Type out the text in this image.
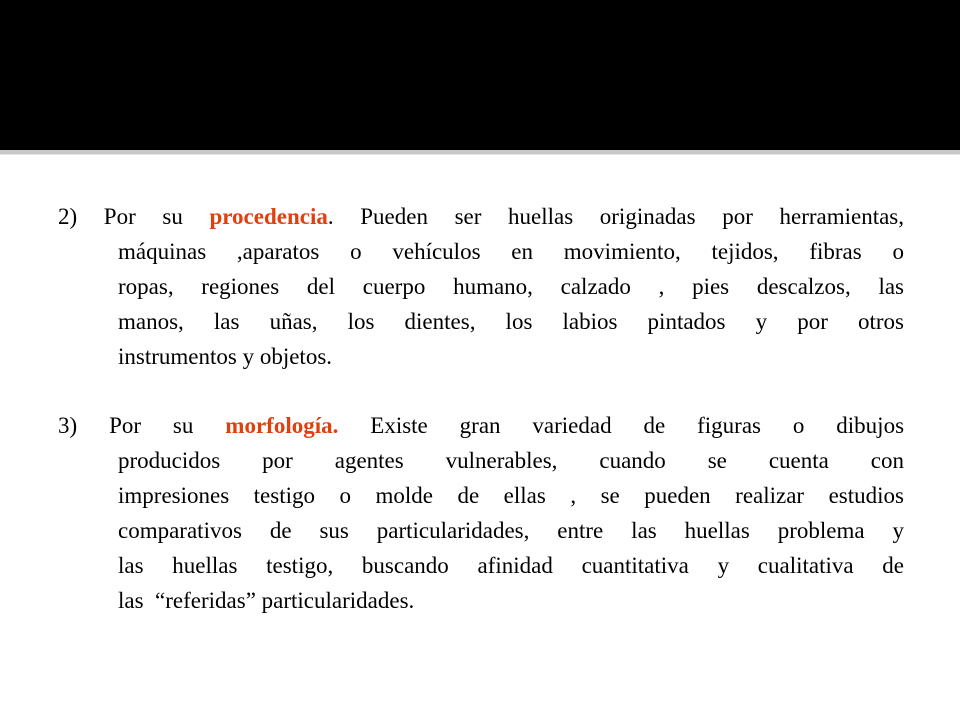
2) Por su procedencia. Pueden ser huellas originadas por herramientas,
máquinas ,aparatos o vehículos en movimiento, tejidos, fibras o
ropas, regiones del cuerpo humano, calzado , pies descalzos, las
manos, las uñas, los dientes, los labios pintados y por otros
instrumentos y objetos.
3) Por su morfología. Existe gran variedad de figuras o dibujos
producidos por agentes vulnerables, cuando se cuenta con
impresiones testigo o molde de ellas , se pueden realizar estudios
comparativos de sus particularidades, entre las huellas problema y
las huellas testigo, buscando afinidad cuantitativa y cualitativa de
las  “referidas” particularidades.
